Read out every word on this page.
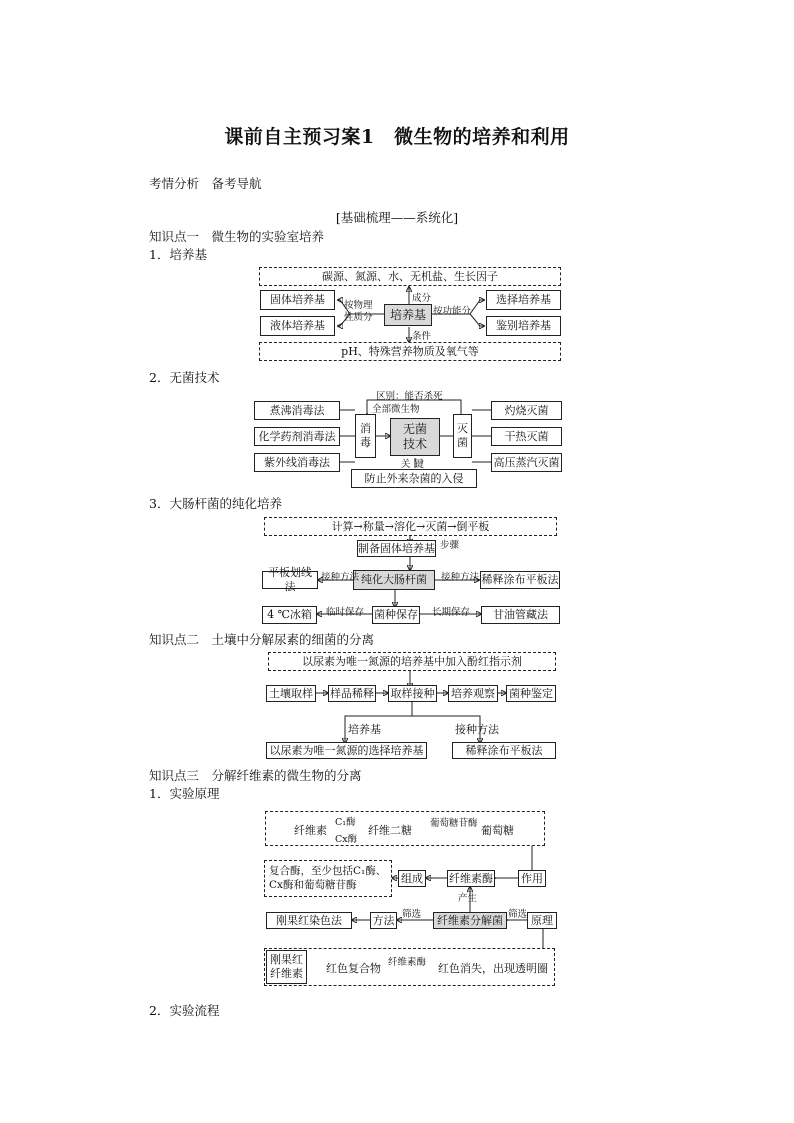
课前自主预习案1　微生物的培养和利用
考情分析　备考导航
[基础梳理——系统化]
知识点一　微生物的实验室培养
1．培养基
碳源、氮源、水、无机盐、生长因子
固体培养基
液体培养基
培养基
选择培养基
鉴别培养基
pH、特殊营养物质及氧气等
按物理
性质分
按功能分
成分
条件
2．无菌技术
煮沸消毒法
化学药剂消毒法
紫外线消毒法
消
毒
无菌
技术
灭
菌
灼烧灭菌
干热灭菌
高压蒸汽灭菌
防止外来杂菌的入侵
区别：能否杀死
全部微生物
关键
3．大肠杆菌的纯化培养
计算→称量→溶化→灭菌→倒平板
制备固体培养基 步骤
平板划线法
纯化大肠杆菌	稀释涂布平板法
接种方法	接种方法
4 ℃冰箱	菌种保存	甘油管藏法
临时保存	长期保存
知识点二　土壤中分解尿素的细菌的分离
以尿素为唯一氮源的培养基中加入酚红指示剂
土壤取样 样品稀释 取样接种 培养观察 菌种鉴定
培养基	接种方法
以尿素为唯一氮源的选择培养基	稀释涂布平板法
知识点三　分解纤维素的微生物的分离
1．实验原理
纤维素
C₁酶
Cx酶
纤维二糖
葡萄糖苷酶
葡萄糖
复合酶，至少包括C₁酶、
Cx酶和葡萄糖苷酶	组成 纤维素酶	作用
产生
刚果红染色法	方法	纤维素分解菌	原理
筛选	筛选
刚果红
纤维素	红色复合物 纤维素酶 红色消失，出现透明圈
2．实验流程
